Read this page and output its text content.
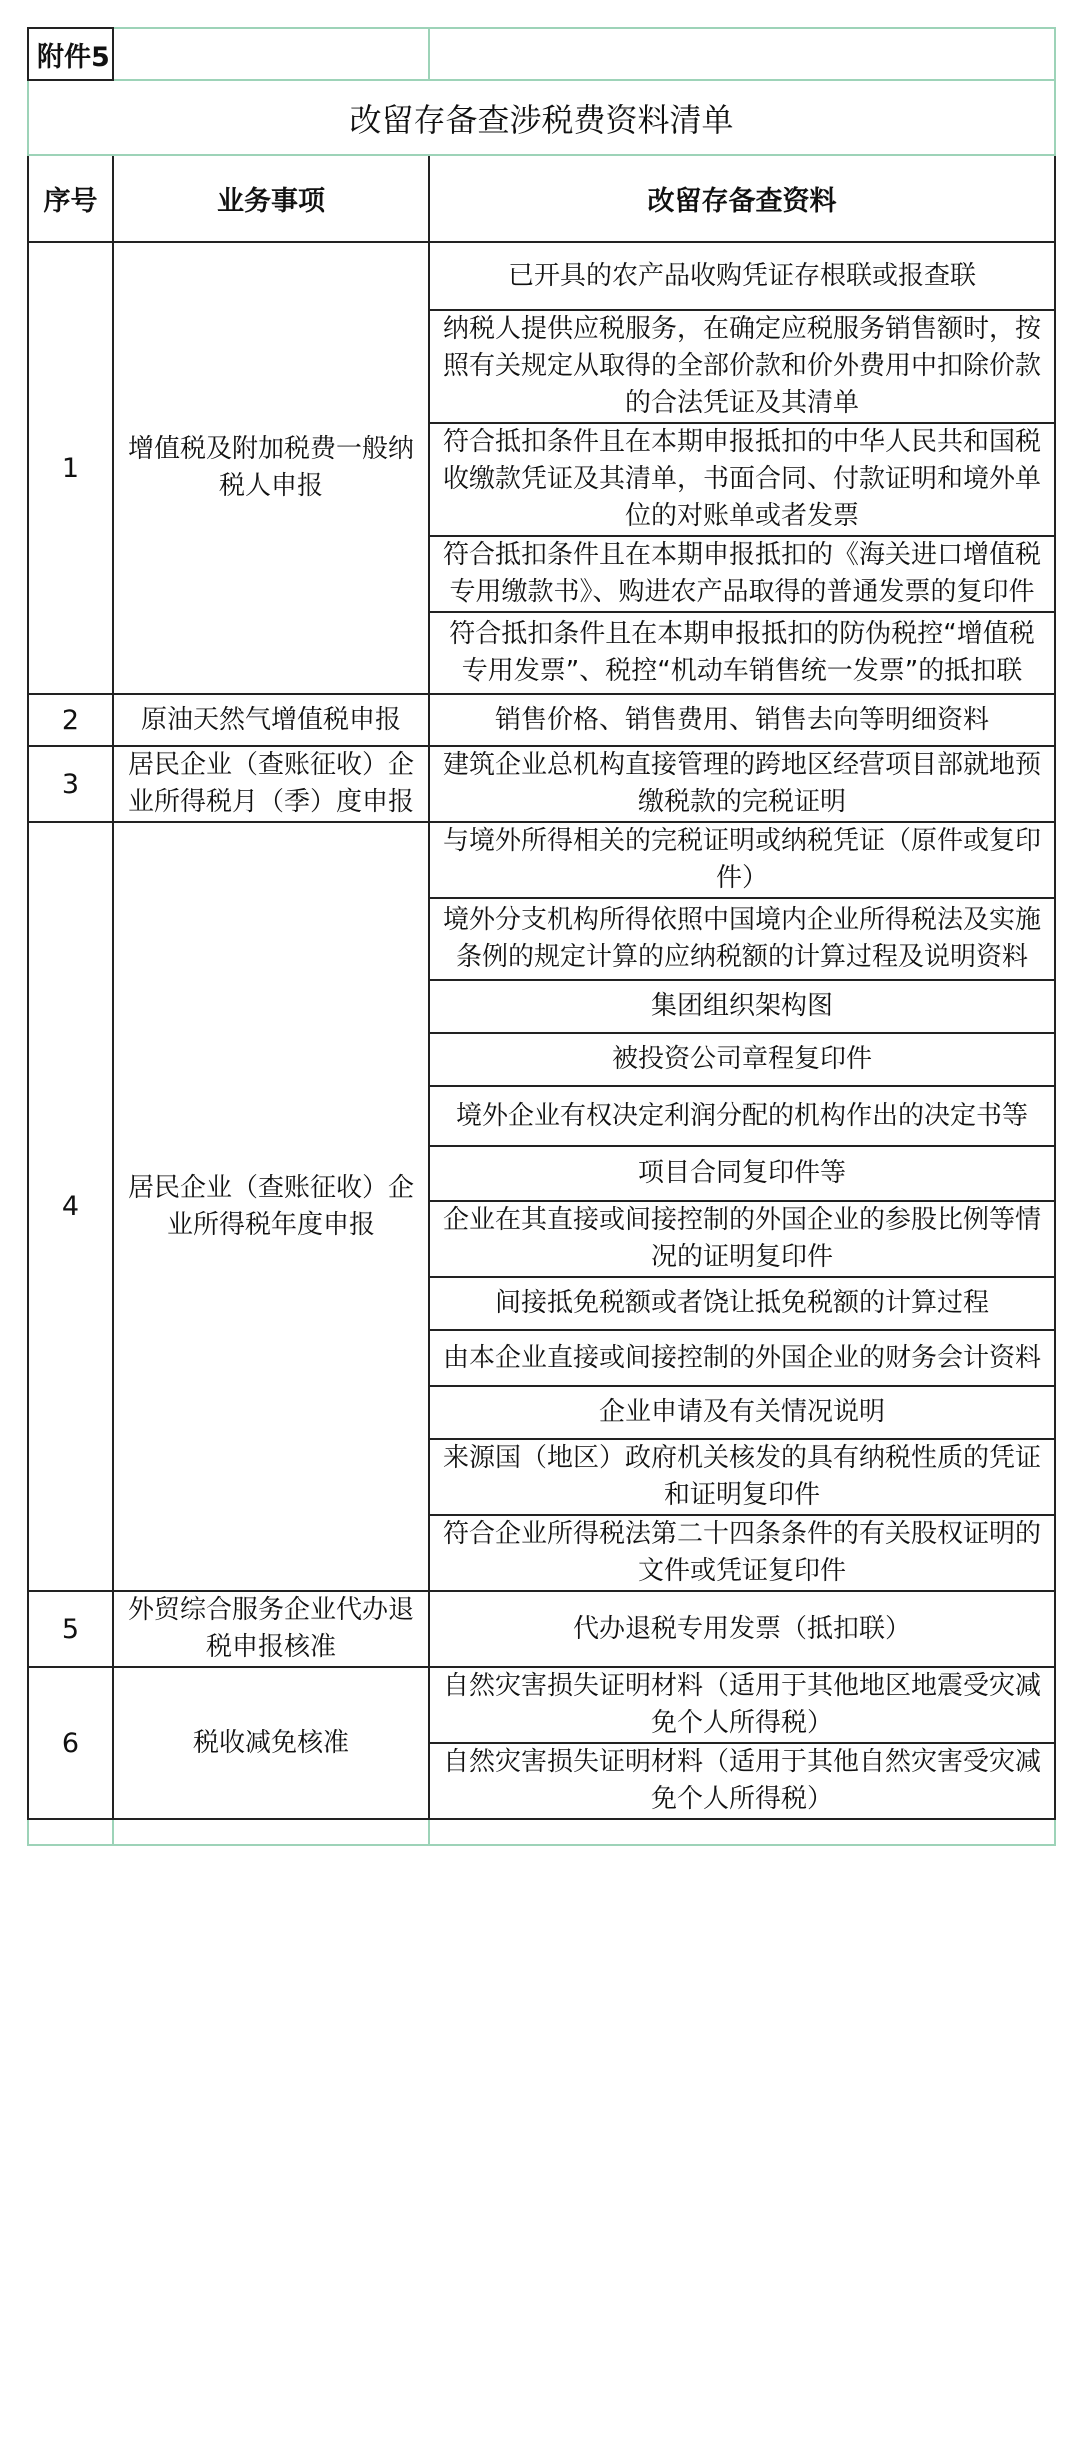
附件5		
改留存备查涉税费资料清单		
序号	业务事项	改留存备查资料
1	增值税及附加税费一般纳税人申报	已开具的农产品收购凭证存根联或报查联
		纳税人提供应税服务，在确定应税服务销售额时，按照有关规定从取得的全部价款和价外费用中扣除价款的合法凭证及其清单
		符合抵扣条件且在本期申报抵扣的中华人民共和国税收缴款凭证及其清单，书面合同、付款证明和境外单位的对账单或者发票
		符合抵扣条件且在本期申报抵扣的《海关进口增值税专用缴款书》、购进农产品取得的普通发票的复印件
		符合抵扣条件且在本期申报抵扣的防伪税控“增值税专用发票”、税控“机动车销售统一发票”的抵扣联
2	原油天然气增值税申报	销售价格、销售费用、销售去向等明细资料
3	居民企业（查账征收）企业所得税月（季）度申报	建筑企业总机构直接管理的跨地区经营项目部就地预缴税款的完税证明
4	居民企业（查账征收）企业所得税年度申报	与境外所得相关的完税证明或纳税凭证（原件或复印件）
		境外分支机构所得依照中国境内企业所得税法及实施条例的规定计算的应纳税额的计算过程及说明资料
		集团组织架构图
		被投资公司章程复印件
		境外企业有权决定利润分配的机构作出的决定书等
		项目合同复印件等
		企业在其直接或间接控制的外国企业的参股比例等情况的证明复印件
		间接抵免税额或者饶让抵免税额的计算过程
		由本企业直接或间接控制的外国企业的财务会计资料
		企业申请及有关情况说明
		来源国（地区）政府机关核发的具有纳税性质的凭证和证明复印件
		符合企业所得税法第二十四条条件的有关股权证明的文件或凭证复印件
5	外贸综合服务企业代办退税申报核准	代办退税专用发票（抵扣联）
6	税收减免核准	自然灾害损失证明材料（适用于其他地区地震受灾减免个人所得税）
		自然灾害损失证明材料（适用于其他自然灾害受灾减免个人所得税）
